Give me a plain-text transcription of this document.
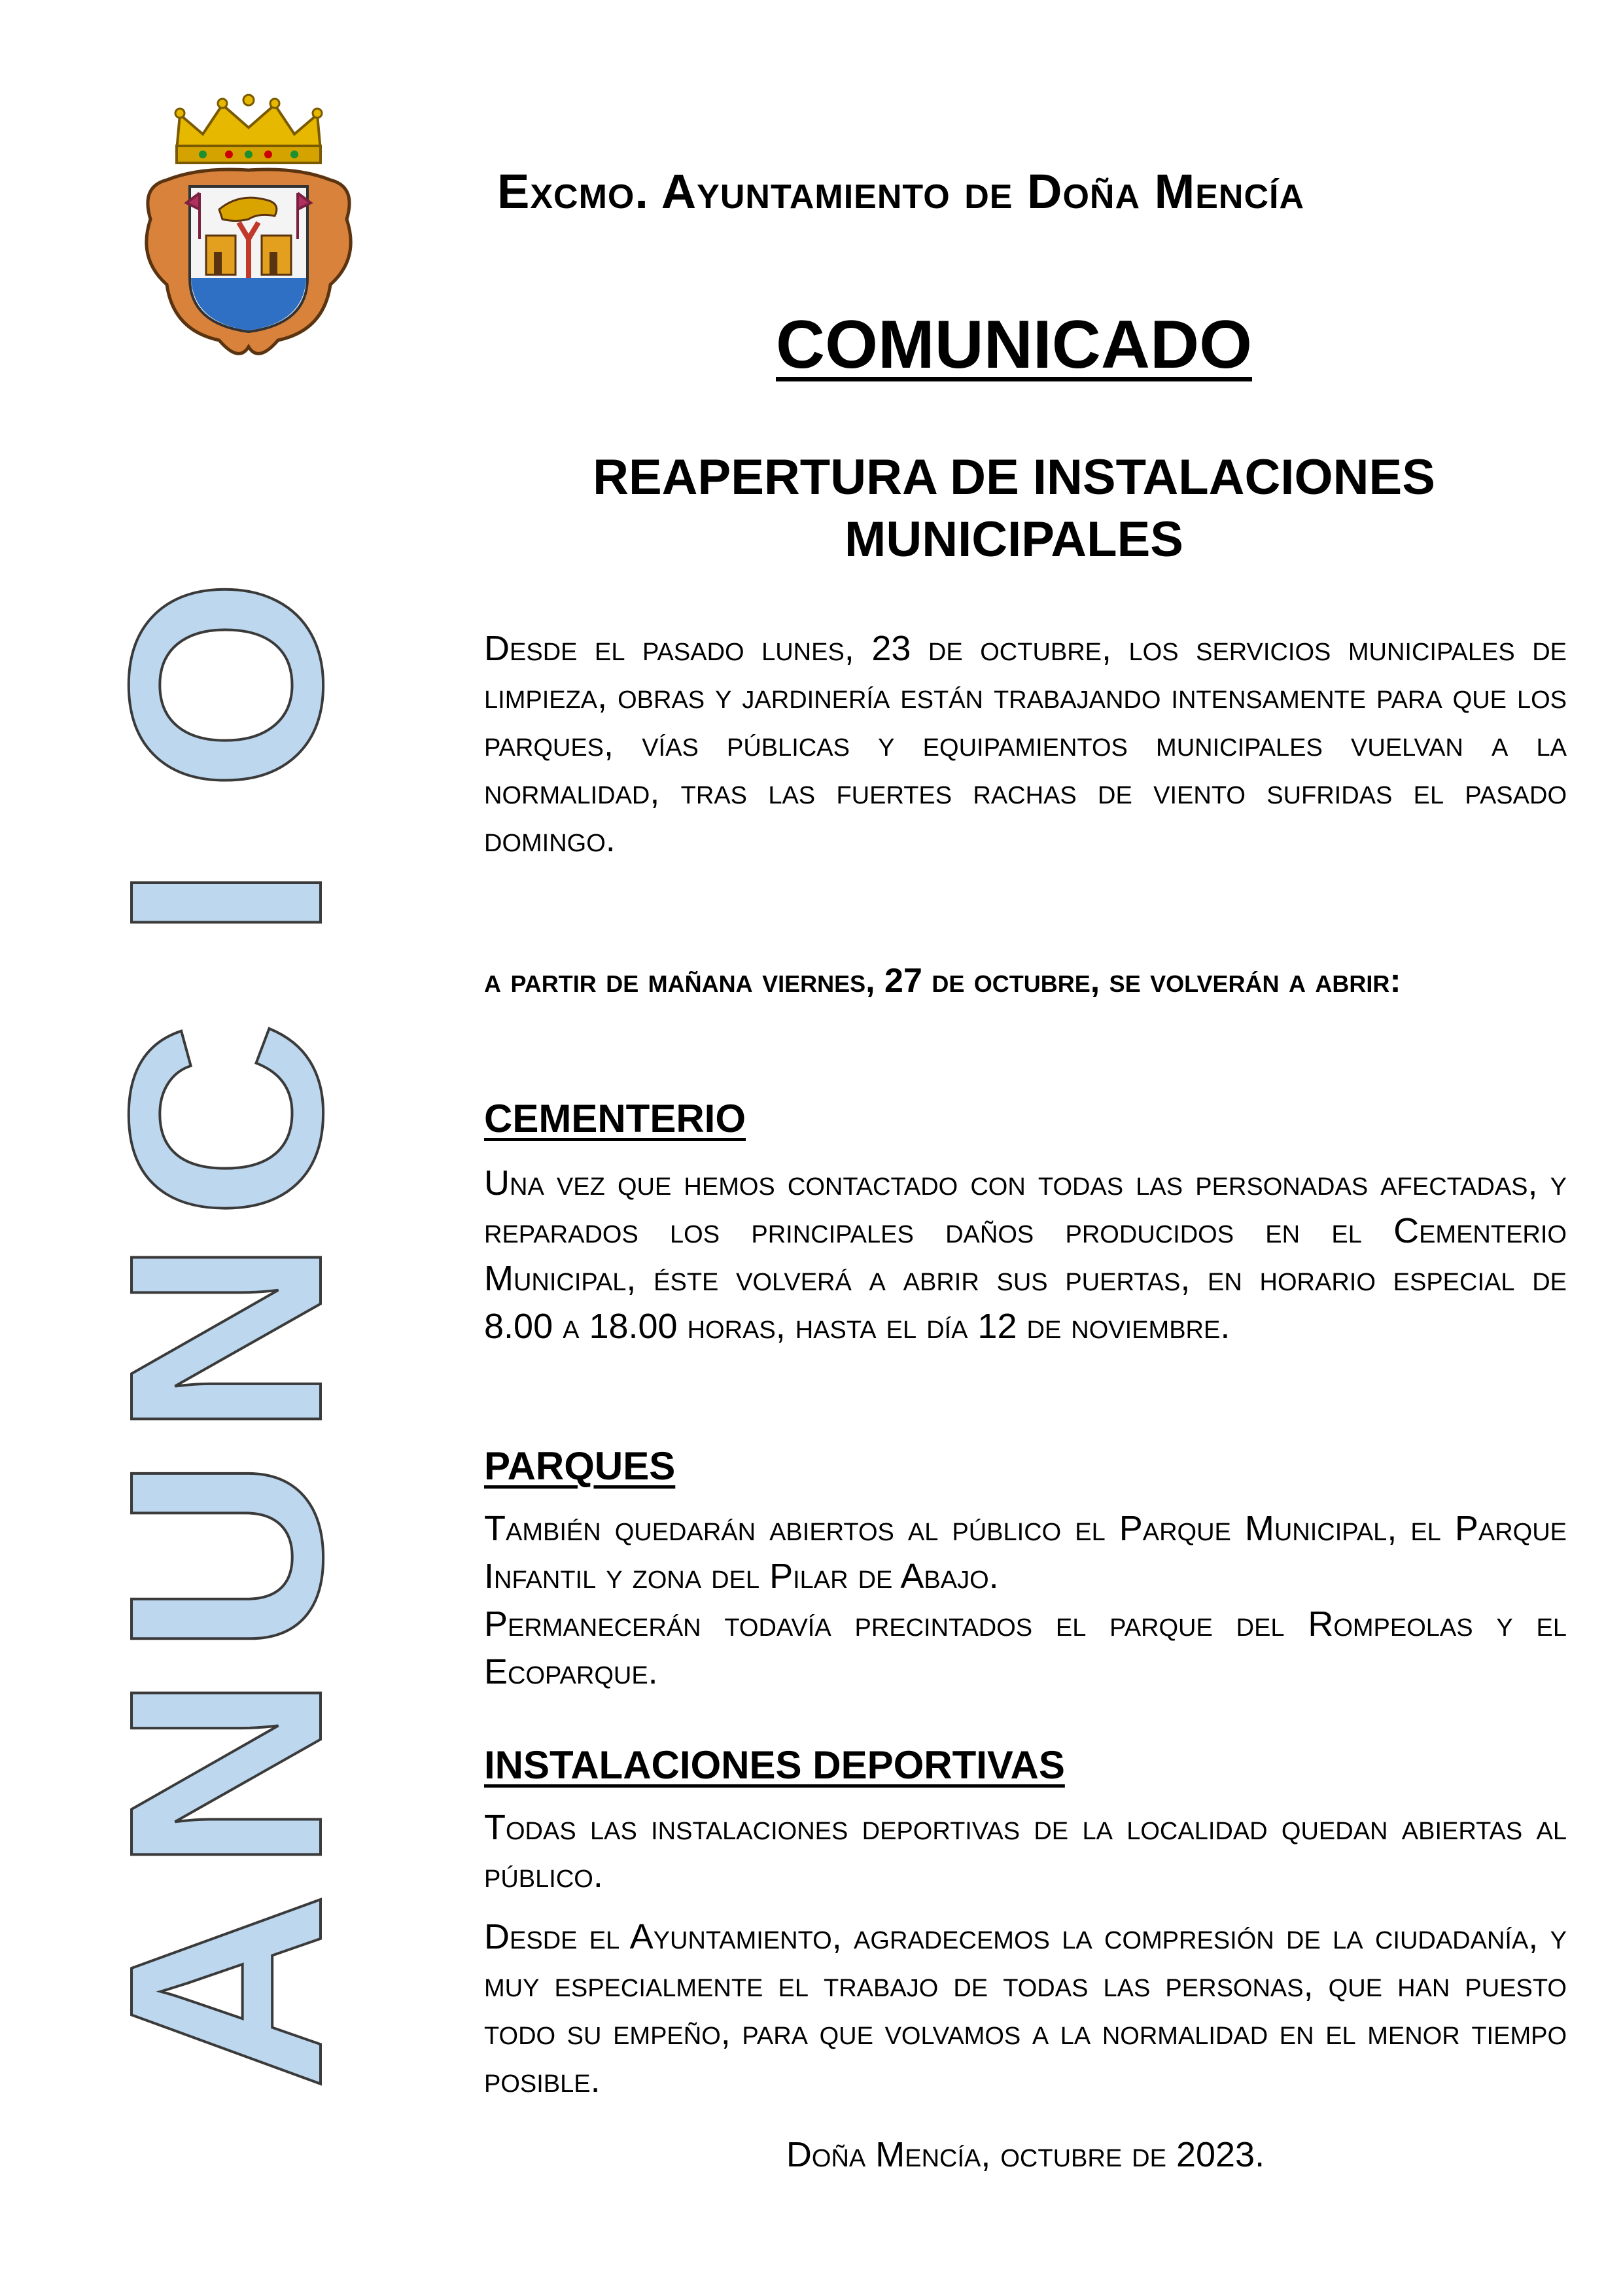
A
N
U
N
C
I
O
Excmo. Ayuntamiento de Doña Mencía
COMUNICADO
REAPERTURA DE INSTALACIONES
MUNICIPALES

Desde el pasado lunes, 23 de octubre, los servicios municipales de limpieza, obras y jardinería están trabajando intensamente para que los parques, vías públicas y equipamientos municipales vuelvan a la normalidad, tras las fuertes rachas de viento sufridas el pasado domingo.

a partir de mañana viernes, 27 de octubre, se volverán a abrir:

CEMENTERIO

Una vez que hemos contactado con todas las personadas afectadas, y reparados los principales daños producidos en el Cementerio Municipal, éste volverá a abrir sus puertas, en horario especial de 8.00 a 18.00 horas, hasta el día 12 de noviembre.

PARQUES

También quedarán abiertos al público el Parque Municipal, el Parque Infantil y zona del Pilar de Abajo.

Permanecerán todavía precintados el parque del Rompeolas y el Ecoparque.

INSTALACIONES DEPORTIVAS

Todas las instalaciones deportivas de la localidad quedan abiertas al público.

Desde el Ayuntamiento, agradecemos la compresión de la ciudadanía, y muy especialmente el trabajo de todas las personas, que han puesto todo su empeño, para que volvamos a la normalidad en el menor tiempo posible.

Doña Mencía, octubre de 2023.
